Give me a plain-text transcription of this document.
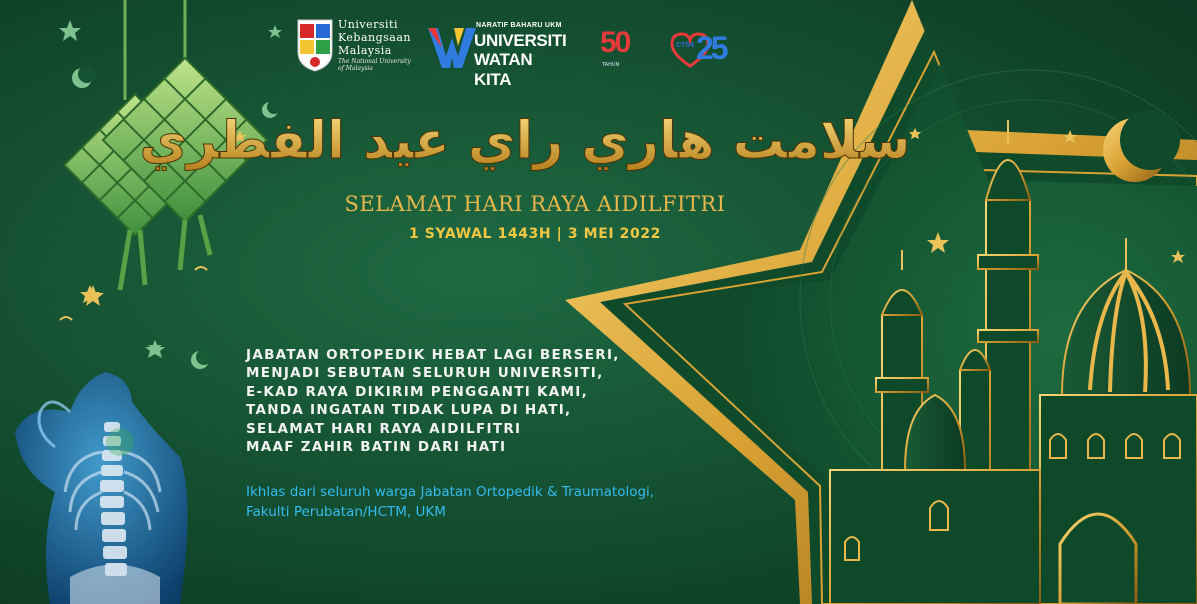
Universiti
Kebangsaan
Malaysia
The National University
of Malaysia
NARATIF BAHARU UKM
UNIVERSITI
WATAN KITA
50
TAHUN
CTS4 25
سلامت هاري راي عيد الفطري
SELAMAT HARI RAYA AIDILFITRI
1 SYAWAL 1443H | 3 MEI 2022
JABATAN ORTOPEDIK HEBAT LAGI BERSERI,
MENJADI SEBUTAN SELURUH UNIVERSITI,
E-KAD RAYA DIKIRIM PENGGANTI KAMI,
TANDA INGATAN TIDAK LUPA DI HATI,
SELAMAT HARI RAYA AIDILFITRI
MAAF ZAHIR BATIN DARI HATI
Ikhlas dari seluruh warga Jabatan Ortopedik & Traumatologi,
Fakulti Perubatan/HCTM, UKM
